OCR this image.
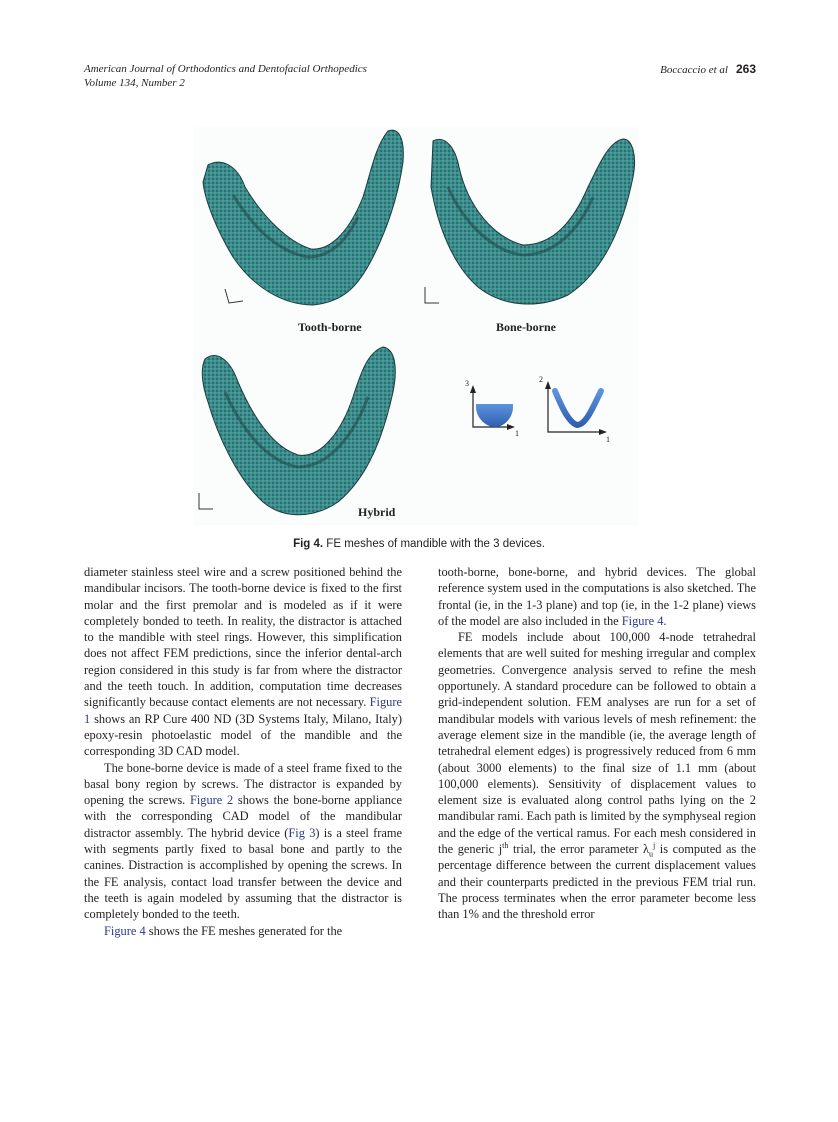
American Journal of Orthodontics and Dentofacial Orthopedics
Volume 134, Number 2
Boccaccio et al 263
Tooth-borne	Bone-borne
Hybrid
3
1
2
1
Fig 4. FE meshes of mandible with the 3 devices.

diameter stainless steel wire and a screw positioned behind the mandibular incisors. The tooth-borne device is fixed to the first molar and the first premolar and is modeled as if it were completely bonded to teeth. In reality, the distractor is attached to the mandible with steel rings. However, this simplification does not affect FEM predictions, since the inferior dental-arch region considered in this study is far from where the distractor and the teeth touch. In addition, computation time decreases significantly because contact elements are not necessary. Figure 1 shows an RP Cure 400 ND (3D Systems Italy, Milano, Italy) epoxy-resin photoelastic model of the mandible and the corresponding 3D CAD model.

The bone-borne device is made of a steel frame fixed to the basal bony region by screws. The distractor is expanded by opening the screws. Figure 2 shows the bone-borne appliance with the corresponding CAD model of the mandibular distractor assembly. The hybrid device (Fig 3) is a steel frame with segments partly fixed to basal bone and partly to the canines. Distraction is accomplished by opening the screws. In the FE analysis, contact load transfer between the device and the teeth is again modeled by assuming that the distractor is completely bonded to the teeth.

Figure 4 shows the FE meshes generated for the

tooth-borne, bone-borne, and hybrid devices. The global reference system used in the computations is also sketched. The frontal (ie, in the 1-3 plane) and top (ie, in the 1-2 plane) views of the model are also included in the Figure 4.

FE models include about 100,000 4-node tetrahedral elements that are well suited for meshing irregular and complex geometries. Convergence analysis served to refine the mesh opportunely. A standard procedure can be followed to obtain a grid-independent solution. FEM analyses are run for a set of mandibular models with various levels of mesh refinement: the average element size in the mandible (ie, the average length of tetrahedral element edges) is progressively reduced from 6 mm (about 3000 elements) to the final size of 1.1 mm (about 100,000 elements). Sensitivity of displacement values to element size is evaluated along control paths lying on the 2 mandibular rami. Each path is limited by the symphyseal region and the edge of the vertical ramus. For each mesh considered in the generic $j^{th}$ trial, the error parameter $\lambda_u^j$ is computed as the percentage difference between the current displacement values and their counterparts predicted in the previous FEM trial run. The process terminates when the error parameter become less than 1% and the threshold error
